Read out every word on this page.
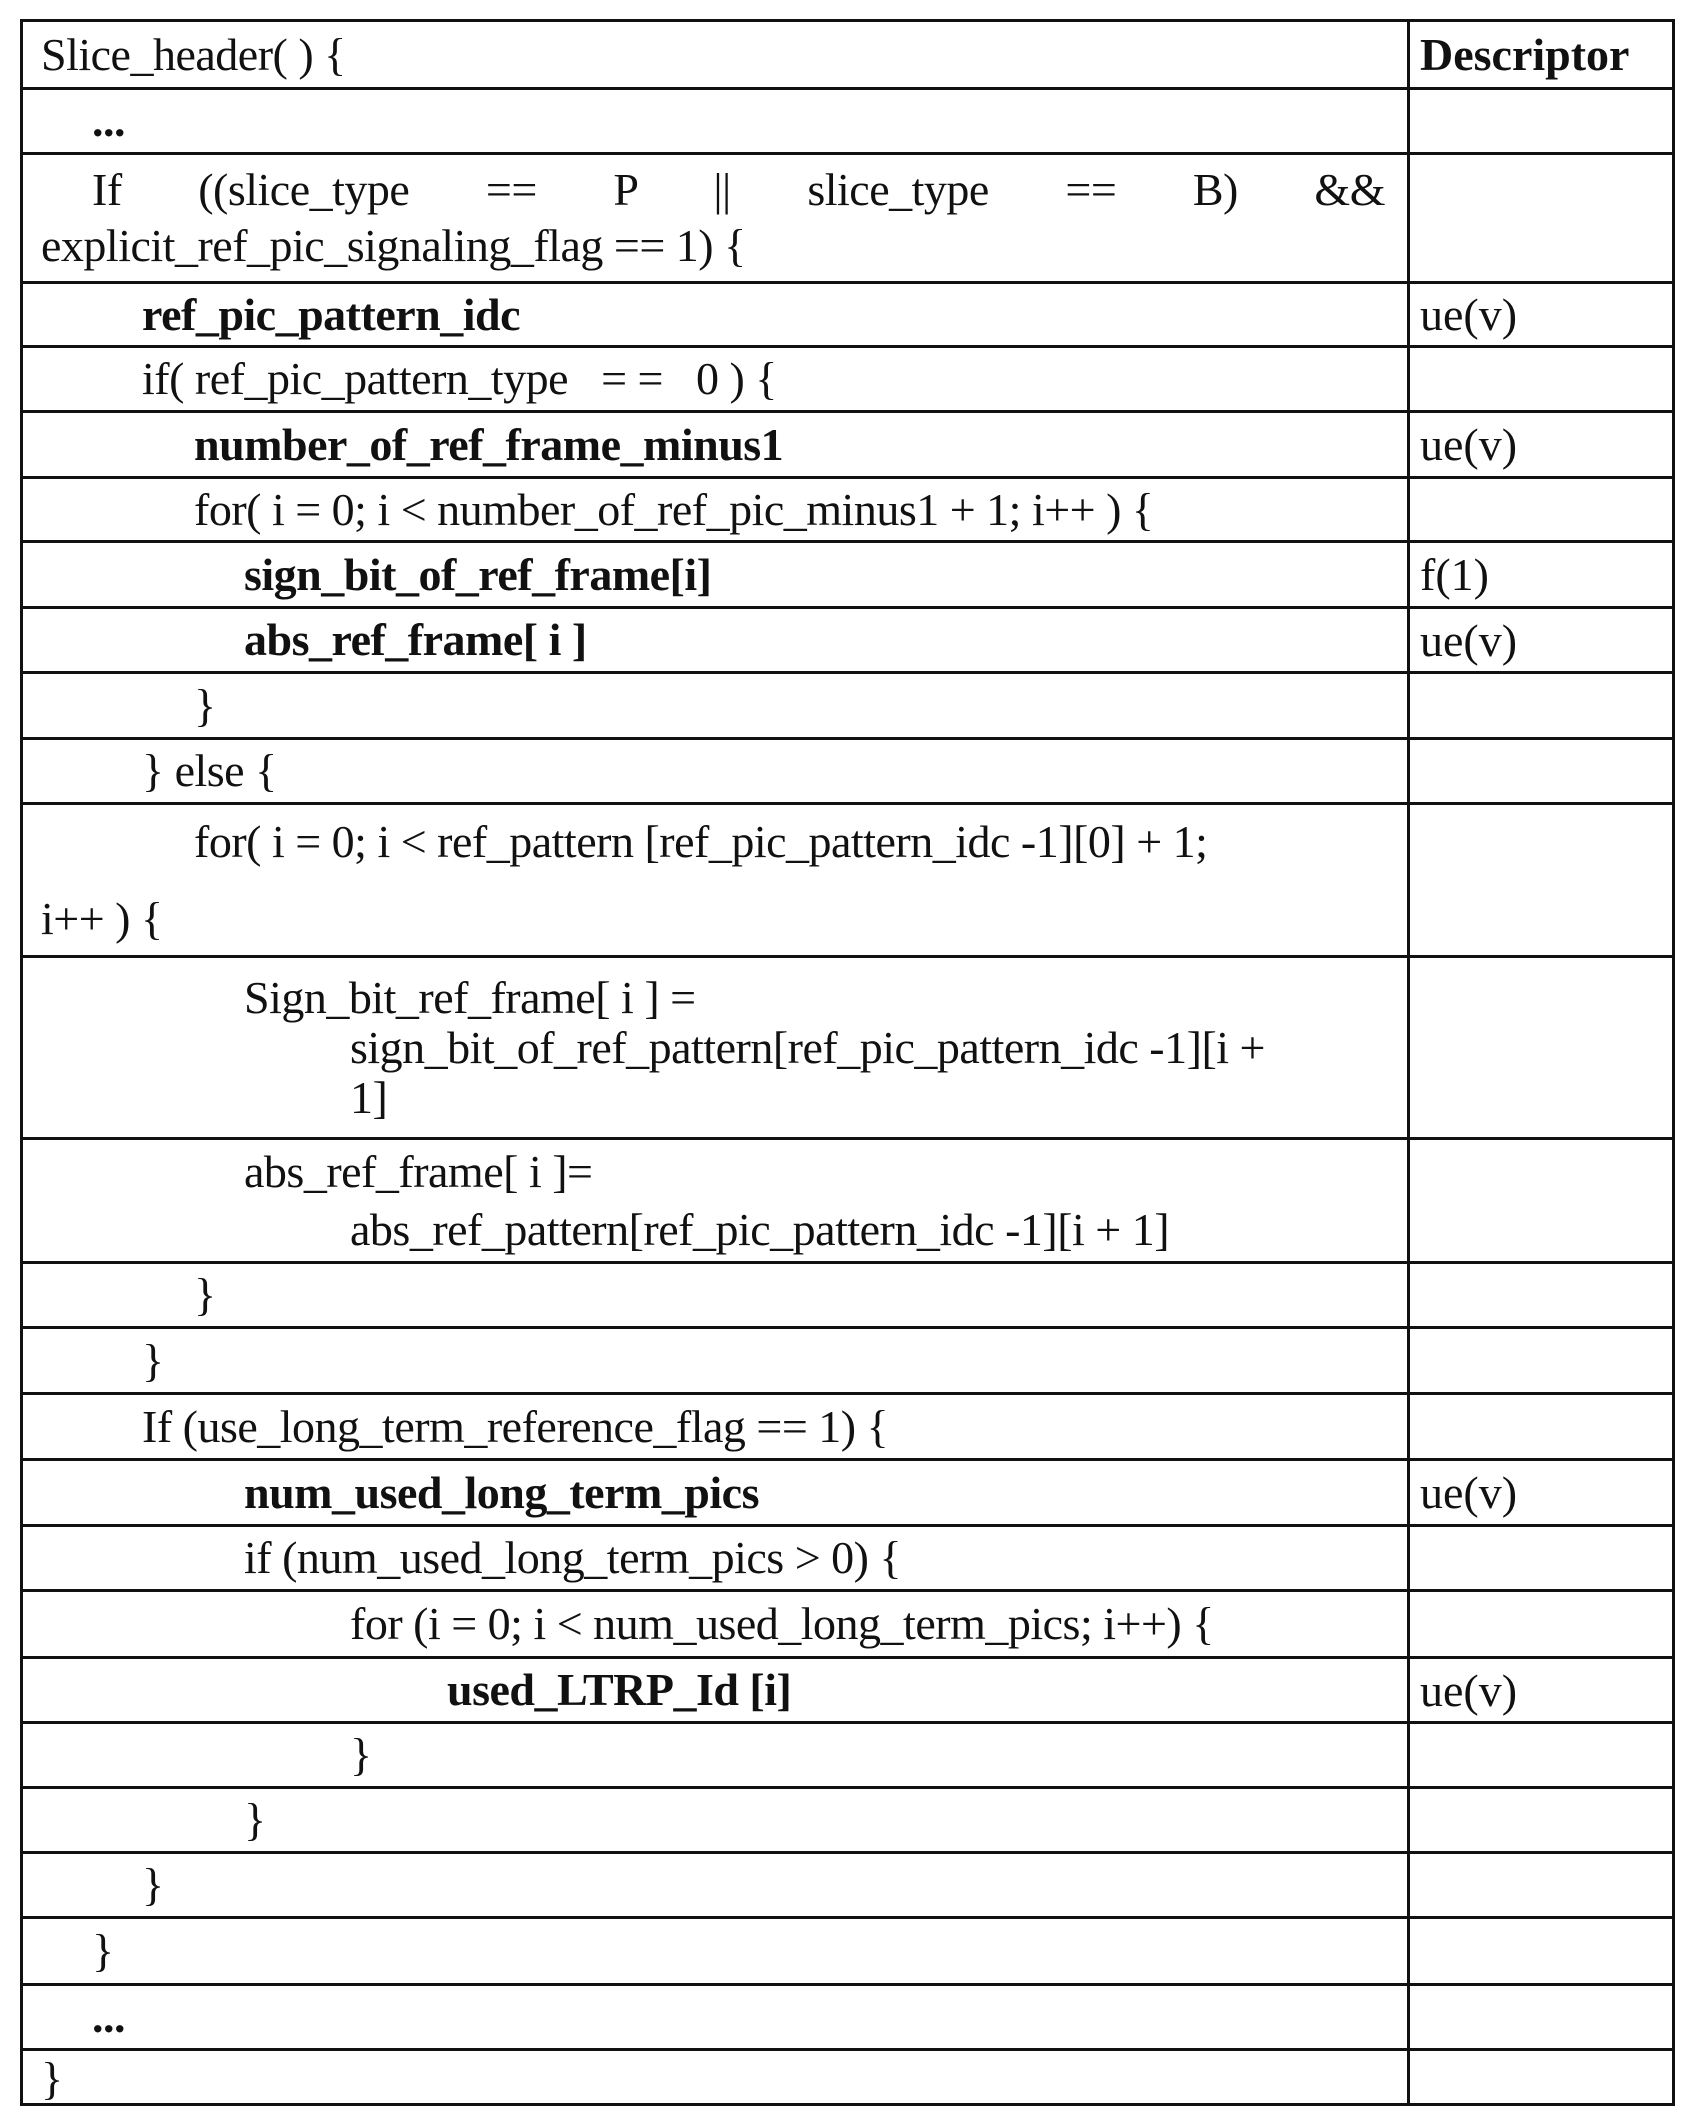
Slice_header( ) {	Descriptor
...
If ((slice_type == P || slice_type == B) &&
explicit_ref_pic_signaling_flag == 1) {
ref_pic_pattern_idc	ue(v)
if( ref_pic_pattern_type   = =   0 ) {
number_of_ref_frame_minus1	ue(v)
for( i = 0; i < number_of_ref_pic_minus1 + 1; i++ ) {
sign_bit_of_ref_frame[i]	f(1)
abs_ref_frame[ i ]	ue(v)
}
} else {
for( i = 0; i < ref_pattern [ref_pic_pattern_idc -1][0] + 1;
i++ ) {
Sign_bit_ref_frame[ i ] =
sign_bit_of_ref_pattern[ref_pic_pattern_idc -1][i +
1]
abs_ref_frame[ i ]=
abs_ref_pattern[ref_pic_pattern_idc -1][i + 1]
}
}
If (use_long_term_reference_flag == 1) {
num_used_long_term_pics	ue(v)
if (num_used_long_term_pics > 0) {
for (i = 0; i < num_used_long_term_pics; i++) {
used_LTRP_Id [i]	ue(v)
}
}
}
}
...
}
